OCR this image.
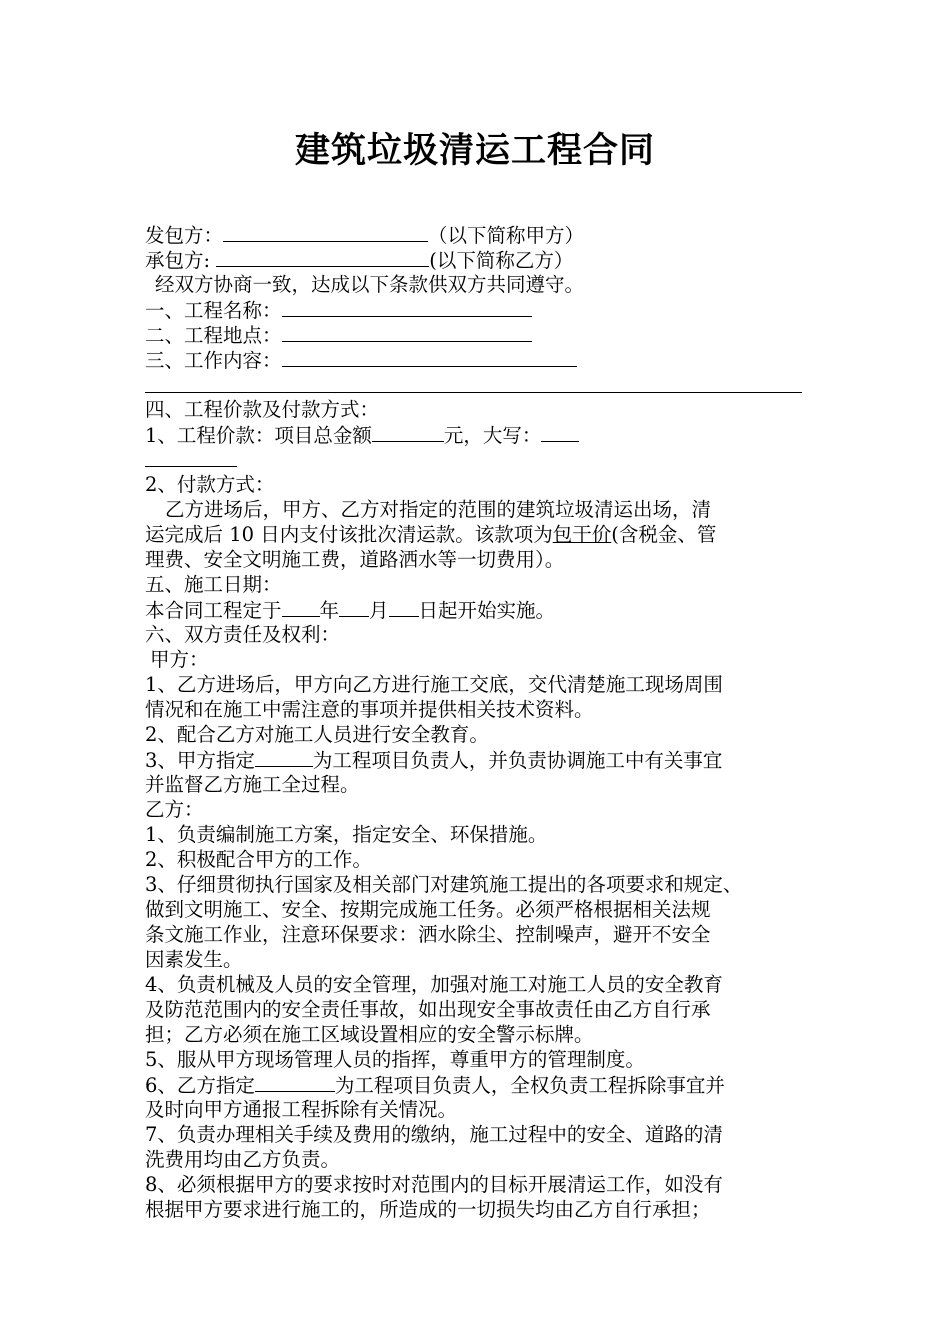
建筑垃圾清运工程合同
发包方：	（以下简称甲方）
承包方:	(以下简称乙方）
经双方协商一致，达成以下条款供双方共同遵守。
一、工程名称：
二、工程地点：
三、工作内容：
四、工程价款及付款方式：
1、工程价款：项目总金额	元，大写：
2、付款方式：
乙方进场后，甲方、乙方对指定的范围的建筑垃圾清运出场，清
运完成后 10 日内支付该批次清运款。该款项为包干价(含税金、管
理费、安全文明施工费，道路洒水等一切费用）。
五、施工日期：
本合同工程定于 年 月 日起开始实施。
六、双方责任及权利：
甲方：
1、乙方进场后，甲方向乙方进行施工交底，交代清楚施工现场周围
情况和在施工中需注意的事项并提供相关技术资料。
2、配合乙方对施工人员进行安全教育。
3、甲方指定	为工程项目负责人，并负责协调施工中有关事宜
并监督乙方施工全过程。
乙方：
1、负责编制施工方案，指定安全、环保措施。
2、积极配合甲方的工作。
3、仔细贯彻执行国家及相关部门对建筑施工提出的各项要求和规定、
做到文明施工、安全、按期完成施工任务。必须严格根据相关法规
条文施工作业，注意环保要求：洒水除尘、控制噪声，避开不安全
因素发生。
4、负责机械及人员的安全管理，加强对施工对施工人员的安全教育
及防范范围内的安全责任事故，如出现安全事故责任由乙方自行承
担；乙方必须在施工区域设置相应的安全警示标牌。
5、服从甲方现场管理人员的指挥，尊重甲方的管理制度。
6、乙方指定	为工程项目负责人，全权负责工程拆除事宜并
及时向甲方通报工程拆除有关情况。
7、负责办理相关手续及费用的缴纳，施工过程中的安全、道路的清
洗费用均由乙方负责。
8、必须根据甲方的要求按时对范围内的目标开展清运工作，如没有
根据甲方要求进行施工的，所造成的一切损失均由乙方自行承担；
